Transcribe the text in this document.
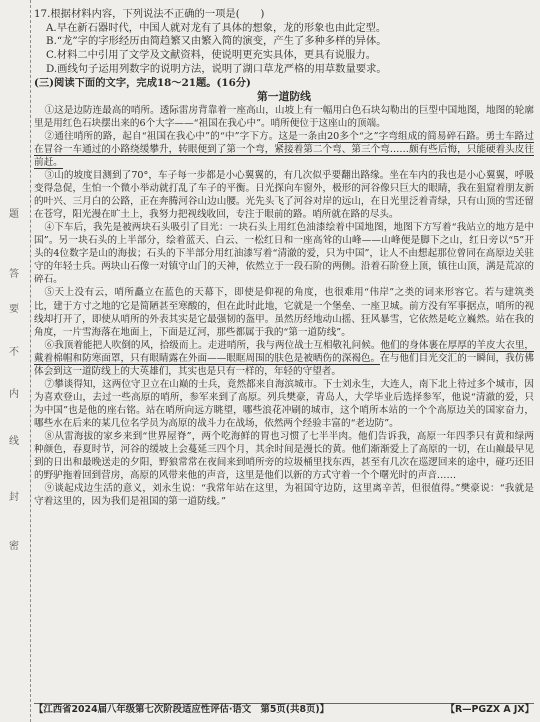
题
答
要
不
内
线
封
密

17.根据材料内容，下列说法不正确的一项是(　　)

A.早在新石器时代，中国人就对龙有了具体的想象，龙的形象也由此定型。

B.“龙”字的字形经历由简趋繁又由繁入简的演变，产生了多种多样的异体。

C.材料二中引用了文学及文献资料，使说明更充实具体，更具有说服力。

D.画线句子运用列数字的说明方法，说明了湖口草龙严格的用草数量要求。

(三)阅读下面的文字，完成18～21题。(16分)

第一道防线

①这是边防连最高的哨所。透际雷房背靠着一座高山，山坡上有一幅用白色石块勾勒出的巨型中国地图，地图的轮廓里是用红色石块摆出来的6个大字——“祖国在我心中”。哨所便位于这座山的顶端。

②通往哨所的路，起自“祖国在我心中”的“中”字下方。这是一条由20多个“之”字弯组成的简易碎石路。勇士车路过在冒谷一车通过的小路绕缓攀升，转眼便到了第一个弯，紧接着第二个弯、第三个弯……颇有些后悔，只能硬着头皮往前赶。

③山的坡度目测到了70°，车子每一步都是小心翼翼的，有几次似乎要翻出路缘。坐在车内的我也是小心翼翼，呼吸变得急促，生怕一个微小举动就打乱了车子的平衡。日光探向车窗外，极形的河谷像只巨大的眼睛，我在狙窟着朋友新的叶兴、三月白的公路，正在奔腾河谷山边山腰。光先头飞了河谷对岸的远山，在日光里泛着青绿，只有山顶的雪还留在苍穹，阳光漫在旷土上，我努力把视线收回，专注于眼前的路。哨所就在路的尽头。

④下车后，我先是被两块石头吸引了目光：一块石头上用红色油漆绘着中国地图，地图下方写着“我站立的地方是中国”。另一块石头的上半部分，绘着蓝天、白云、一松红日和一座高耸的山峰——山峰便是脚下之山，红日旁以“5”开头的4位数字是山的海拔；石头的下半部分用红油漆写着“清澈的爱，只为中国”，让人不由想起那位曾同在高原边关驻守的年轻士兵。两块山石像一对镇守山门的天神，依然立于一段石阶的两侧。沿着石阶登上顶，镇往山顶，满是荒凉的碎石。

⑤天上没有云，哨所矗立在蓝色的天幕下，即使是仰视的角度，也很难用“伟岸”之类的词来形容它。若与建筑类比，建于方寸之地的它是简陋甚至寒酸的，但在此时此地，它就是一个堡垒、一座卫城。前方没有军事据点，哨所的视线却打开了，即使从哨所的外表其实是它最强韧的盔甲。虽然历经地动山摇、狂风暴雪，它依然是屹立巍然。站在我的角度，一片雪海落在地面上，下面是辽河，那些都属于我的“第一道防线”。

⑥我顶着能把人吹倒的风，拾级而上。走进哨所，我与两位战士互相敬礼问候。他们的身体裹在厚厚的羊皮大衣里，戴着棉帽和防寒面罩，只有眼睛露在外面——眼眶周围的肤色是被晒伤的深褐色。在与他们目光交汇的一瞬间，我仿佛体会到这一道防线上的大英雄们，其实也是只有一样的，年轻的守望者。

⑦攀谈得知，这两位守卫立在山巅的士兵，竟然都来自海滨城市。下士刘永生，大连人，南下北上待过多个城市，因为喜欢登山，去过一些高原的哨所，参军来到了高原。列兵樊豪，青岛人，大学毕业后选择参军，他说“清澈的爱，只为中国”也是他的座右铭。站在哨所向远方眺望，哪些浪花冲刷的城市，这个哨所本站的一个个高原边关的国家奋力，哪些水在后来的某几位名学员为高原的战斗力在战场，依然两个经验丰富的“老边防”。

⑧从雷海拔的家乡来到“世界屋脊”，两个吃海鲜的胃也习惯了七半半肉。他们告诉我，高原一年四季只有黄和绿两种颜色，春夏时节，河谷的缓坡上会蔓延三四个月，其余时间是漫长的黄。他们渐渐爱上了高原的一切，在山巅最早见到的日出和最晚送走的夕阳，野狼常常在夜间来到哨所旁的垃圾桶里找东西，甚至有几次在巡逻回来的途中，碰巧还旧的野驴拖着回到营房，高原的风带来他的声音，这里是他们以新的方式守着一个个曙光时的声音……

⑨谈起戍边生活的意义，刘永生说：“我常年站在这里，为祖国守边防，这里离辛苦，但很值得。”樊豪说：“我就是守着这里的，因为我们是祖国的第一道防线。”

【江西省2024届八年级第七次阶段适应性评估·语文　第5页(共8页)】	【R—PGZX A JX】
